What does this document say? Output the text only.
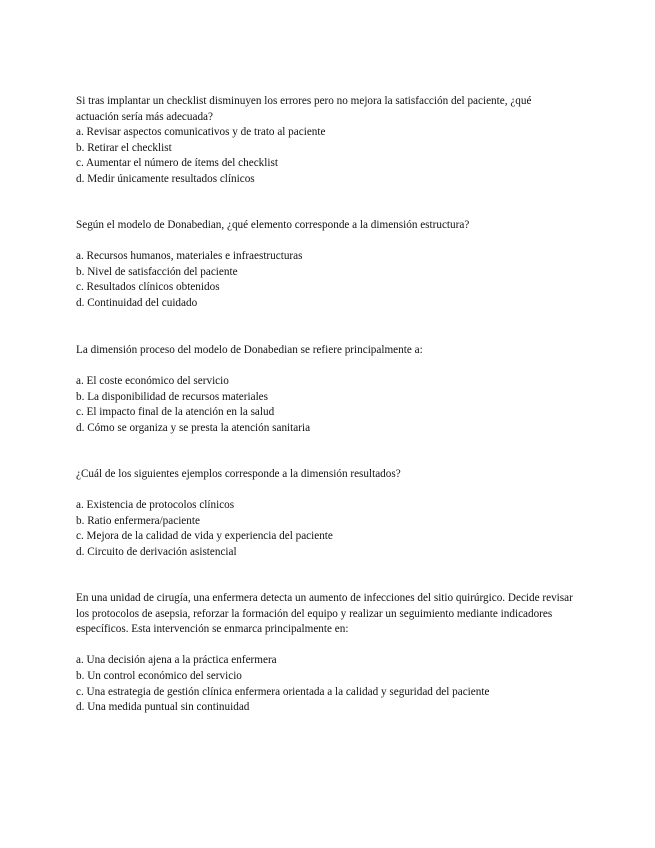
Si tras implantar un checklist disminuyen los errores pero no mejora la satisfacción del paciente, ¿qué actuación sería más adecuada?

a. Revisar aspectos comunicativos y de trato al paciente
b. Retirar el checklist
c. Aumentar el número de ítems del checklist
d. Medir únicamente resultados clínicos

Según el modelo de Donabedian, ¿qué elemento corresponde a la dimensión estructura?

a. Recursos humanos, materiales e infraestructuras
b. Nivel de satisfacción del paciente
c. Resultados clínicos obtenidos
d. Continuidad del cuidado

La dimensión proceso del modelo de Donabedian se refiere principalmente a:

a. El coste económico del servicio
b. La disponibilidad de recursos materiales
c. El impacto final de la atención en la salud
d. Cómo se organiza y se presta la atención sanitaria

¿Cuál de los siguientes ejemplos corresponde a la dimensión resultados?

a. Existencia de protocolos clínicos
b. Ratio enfermera/paciente
c. Mejora de la calidad de vida y experiencia del paciente
d. Circuito de derivación asistencial

En una unidad de cirugía, una enfermera detecta un aumento de infecciones del sitio quirúrgico. Decide revisar los protocolos de asepsia, reforzar la formación del equipo y realizar un seguimiento mediante indicadores específicos. Esta intervención se enmarca principalmente en:

a. Una decisión ajena a la práctica enfermera
b. Un control económico del servicio
c. Una estrategia de gestión clínica enfermera orientada a la calidad y seguridad del paciente
d. Una medida puntual sin continuidad
